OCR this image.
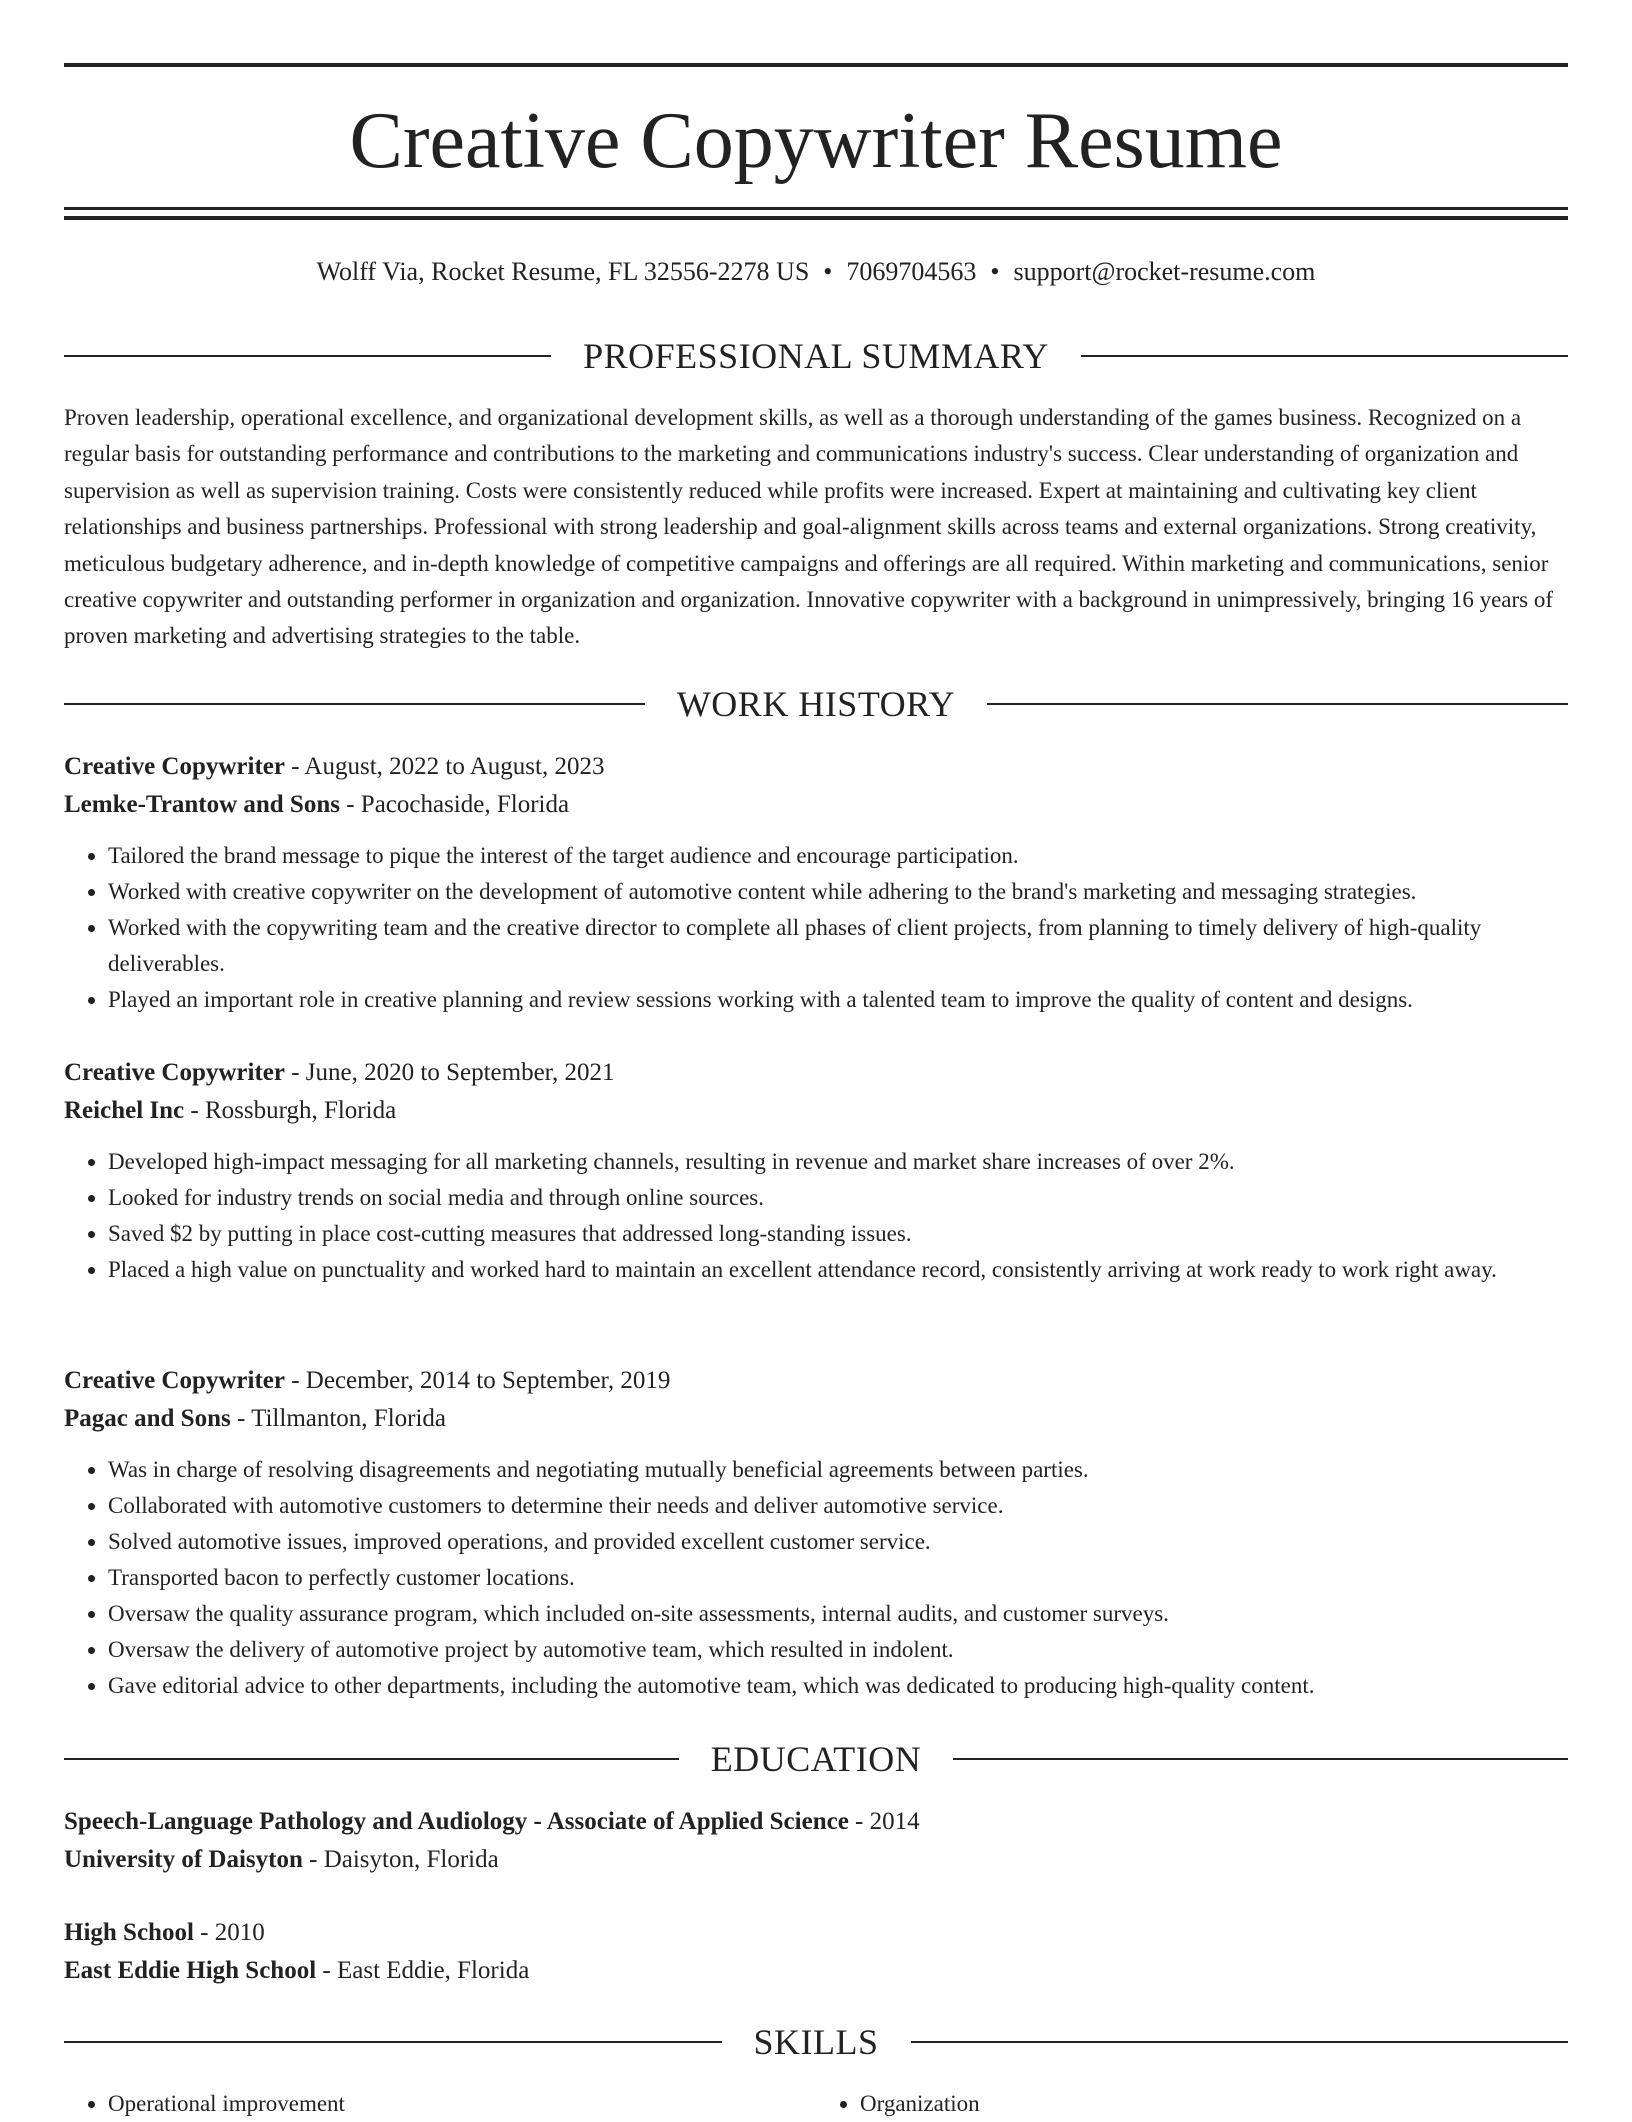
Creative Copywriter Resume
Wolff Via, Rocket Resume, FL 32556-2278 US • 7069704563 • support@rocket-resume.com
PROFESSIONAL SUMMARY

Proven leadership, operational excellence, and organizational development skills, as well as a thorough understanding of the games business. Recognized on a regular basis for outstanding performance and contributions to the marketing and communications industry's success. Clear understanding of organization and supervision as well as supervision training. Costs were consistently reduced while profits were increased. Expert at maintaining and cultivating key client relationships and business partnerships. Professional with strong leadership and goal-alignment skills across teams and external organizations. Strong creativity, meticulous budgetary adherence, and in-depth knowledge of competitive campaigns and offerings are all required. Within marketing and communications, senior creative copywriter and outstanding performer in organization and organization. Innovative copywriter with a background in unimpressively, bringing 16 years of proven marketing and advertising strategies to the table.

WORK HISTORY

Creative Copywriter - August, 2022 to August, 2023

Lemke-Trantow and Sons - Pacochaside, Florida

• Tailored the brand message to pique the interest of the target audience and encourage participation.
• Worked with creative copywriter on the development of automotive content while adhering to the brand's marketing and messaging strategies.
• Worked with the copywriting team and the creative director to complete all phases of client projects, from planning to timely delivery of high-quality deliverables.
• Played an important role in creative planning and review sessions working with a talented team to improve the quality of content and designs.

Creative Copywriter - June, 2020 to September, 2021

Reichel Inc - Rossburgh, Florida

• Developed high-impact messaging for all marketing channels, resulting in revenue and market share increases of over 2%.
• Looked for industry trends on social media and through online sources.
• Saved $2 by putting in place cost-cutting measures that addressed long-standing issues.
• Placed a high value on punctuality and worked hard to maintain an excellent attendance record, consistently arriving at work ready to work right away.

Creative Copywriter - December, 2014 to September, 2019

Pagac and Sons - Tillmanton, Florida

• Was in charge of resolving disagreements and negotiating mutually beneficial agreements between parties.
• Collaborated with automotive customers to determine their needs and deliver automotive service.
• Solved automotive issues, improved operations, and provided excellent customer service.
• Transported bacon to perfectly customer locations.
• Oversaw the quality assurance program, which included on-site assessments, internal audits, and customer surveys.
• Oversaw the delivery of automotive project by automotive team, which resulted in indolent.
• Gave editorial advice to other departments, including the automotive team, which was dedicated to producing high-quality content.
EDUCATION

Speech-Language Pathology and Audiology - Associate of Applied Science - 2014

University of Daisyton - Daisyton, Florida

High School - 2010

East Eddie High School - East Eddie, Florida

SKILLS
• Operational improvement
•	Organization
